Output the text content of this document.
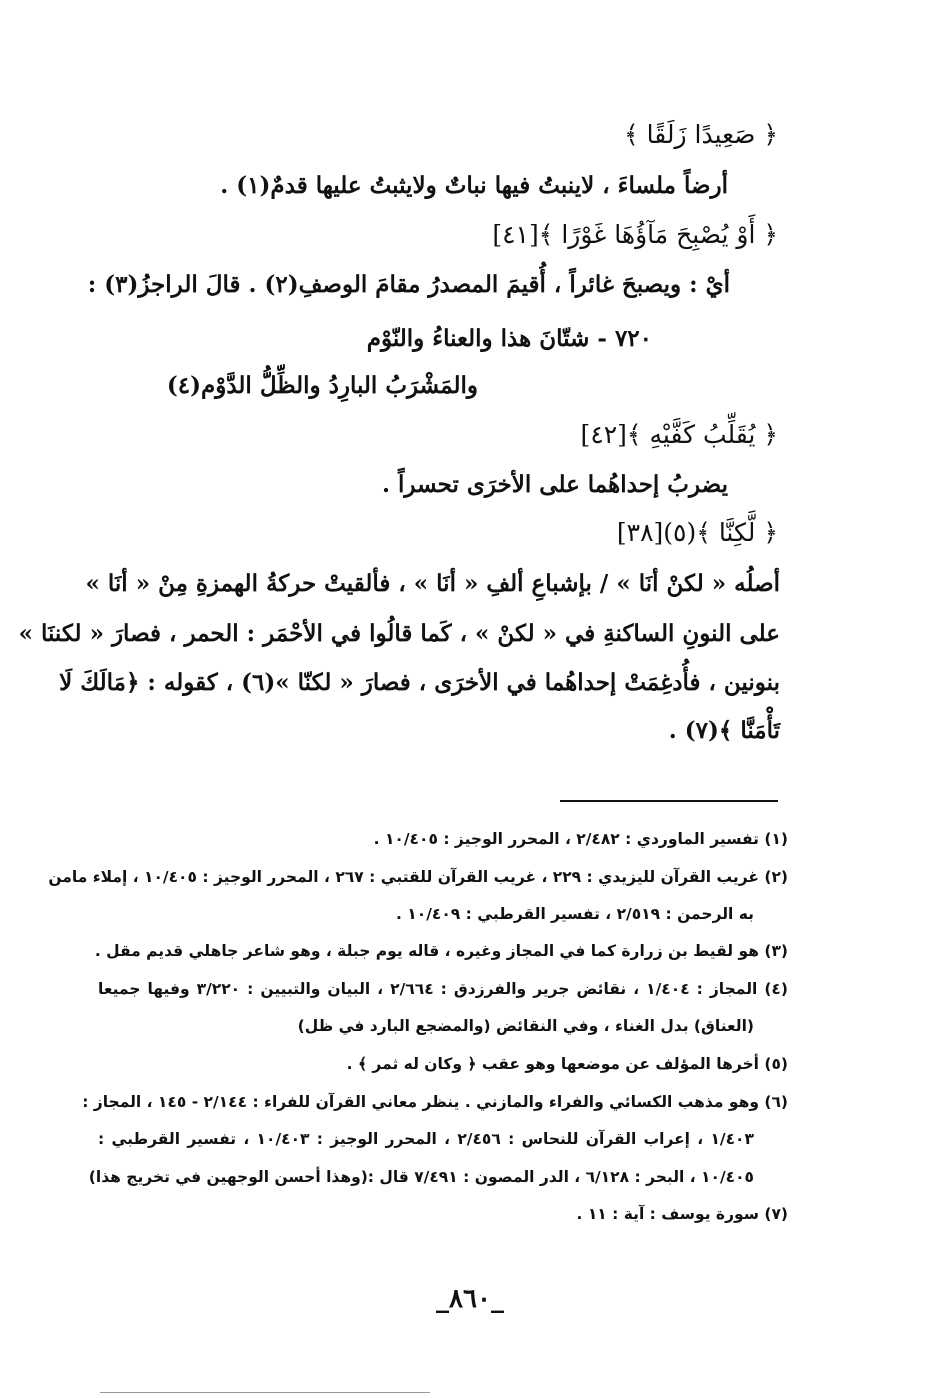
﴿ صَعِيدًا زَلَقًا ﴾
أرضاً ملساءَ ، لاينبتُ فيها نباتٌ ولايثبتُ عليها قدمٌ(١) .
﴿ أَوْ يُصْبِحَ مَآؤُهَا غَوْرًا ﴾[٤١]
أيْ : ويصبحَ غائراً ، أُقيمَ المصدرُ مقامَ الوصفِ(٢) . قالَ الراجزُ(٣) :
٧٢٠ - شتّانَ هذا والعناءُ والنّوْم
والمَشْرَبُ البارِدُ والظِّلُّ الدَّوْم(٤)
﴿ يُقَلِّبُ كَفَّيْهِ ﴾[٤٢]
يضربُ إحداهُما على الأخرَى تحسراً .
﴿ لَّكِنَّا ﴾(٥)[٣٨]
أصلُه « لكنْ أنَا » / بإشباعِ ألفِ « أنَا » ، فألقيتْ حركةُ الهمزةِ مِنْ « أنَا »
على النونِ الساكنةِ في « لكنْ » ، كَما قالُوا في الأحْمَر : الحمر ، فصارَ « لكننَا »
بنونين ، فأُدغِمَتْ إحداهُما في الأخرَى ، فصارَ « لكنّا »(٦) ، كقوله : ﴿مَالَكَ لَا
تَأْمَنَّا ﴾(٧) .
(١) تفسير الماوردي : ٢/٤٨٢ ، المحرر الوجيز : ١٠/٤٠٥ .
(٢) غريب القرآن لليزيدي : ٢٢٩ ، غريب القرآن للقتبي : ٢٦٧ ، المحرر الوجيز : ١٠/٤٠٥ ، إملاء مامن
به الرحمن : ٢/٥١٩ ، تفسير القرطبي : ١٠/٤٠٩ .
(٣) هو لقيط بن زرارة كما في المجاز وغيره ، قاله يوم جبلة ، وهو شاعر جاهلي قديم مقل .
(٤) المجاز : ١/٤٠٤ ، نقائض جرير والفرزدق : ٢/٦٦٤ ، البيان والتبيين : ٣/٢٢٠ وفيها جميعا
(العناق) بدل الغناء ، وفي النقائض (والمضجع البارد في ظل)
(٥) أخرها المؤلف عن موضعها وهو عقب ﴿ وكان له ثمر ﴾ .
(٦) وهو مذهب الكسائي والفراء والمازني . ينظر معاني القرآن للفراء : ٢/١٤٤ - ١٤٥ ، المجاز :
١/٤٠٣ ، إعراب القرآن للنحاس : ٢/٤٥٦ ، المحرر الوجيز : ١٠/٤٠٣ ، تفسير القرطبي :
١٠/٤٠٥ ، البحر : ٦/١٢٨ ، الدر المصون : ٧/٤٩١ قال :(وهذا أحسن الوجهين في تخريج هذا)
(٧) سورة يوسف : آية : ١١ .
_٨٦٠_
